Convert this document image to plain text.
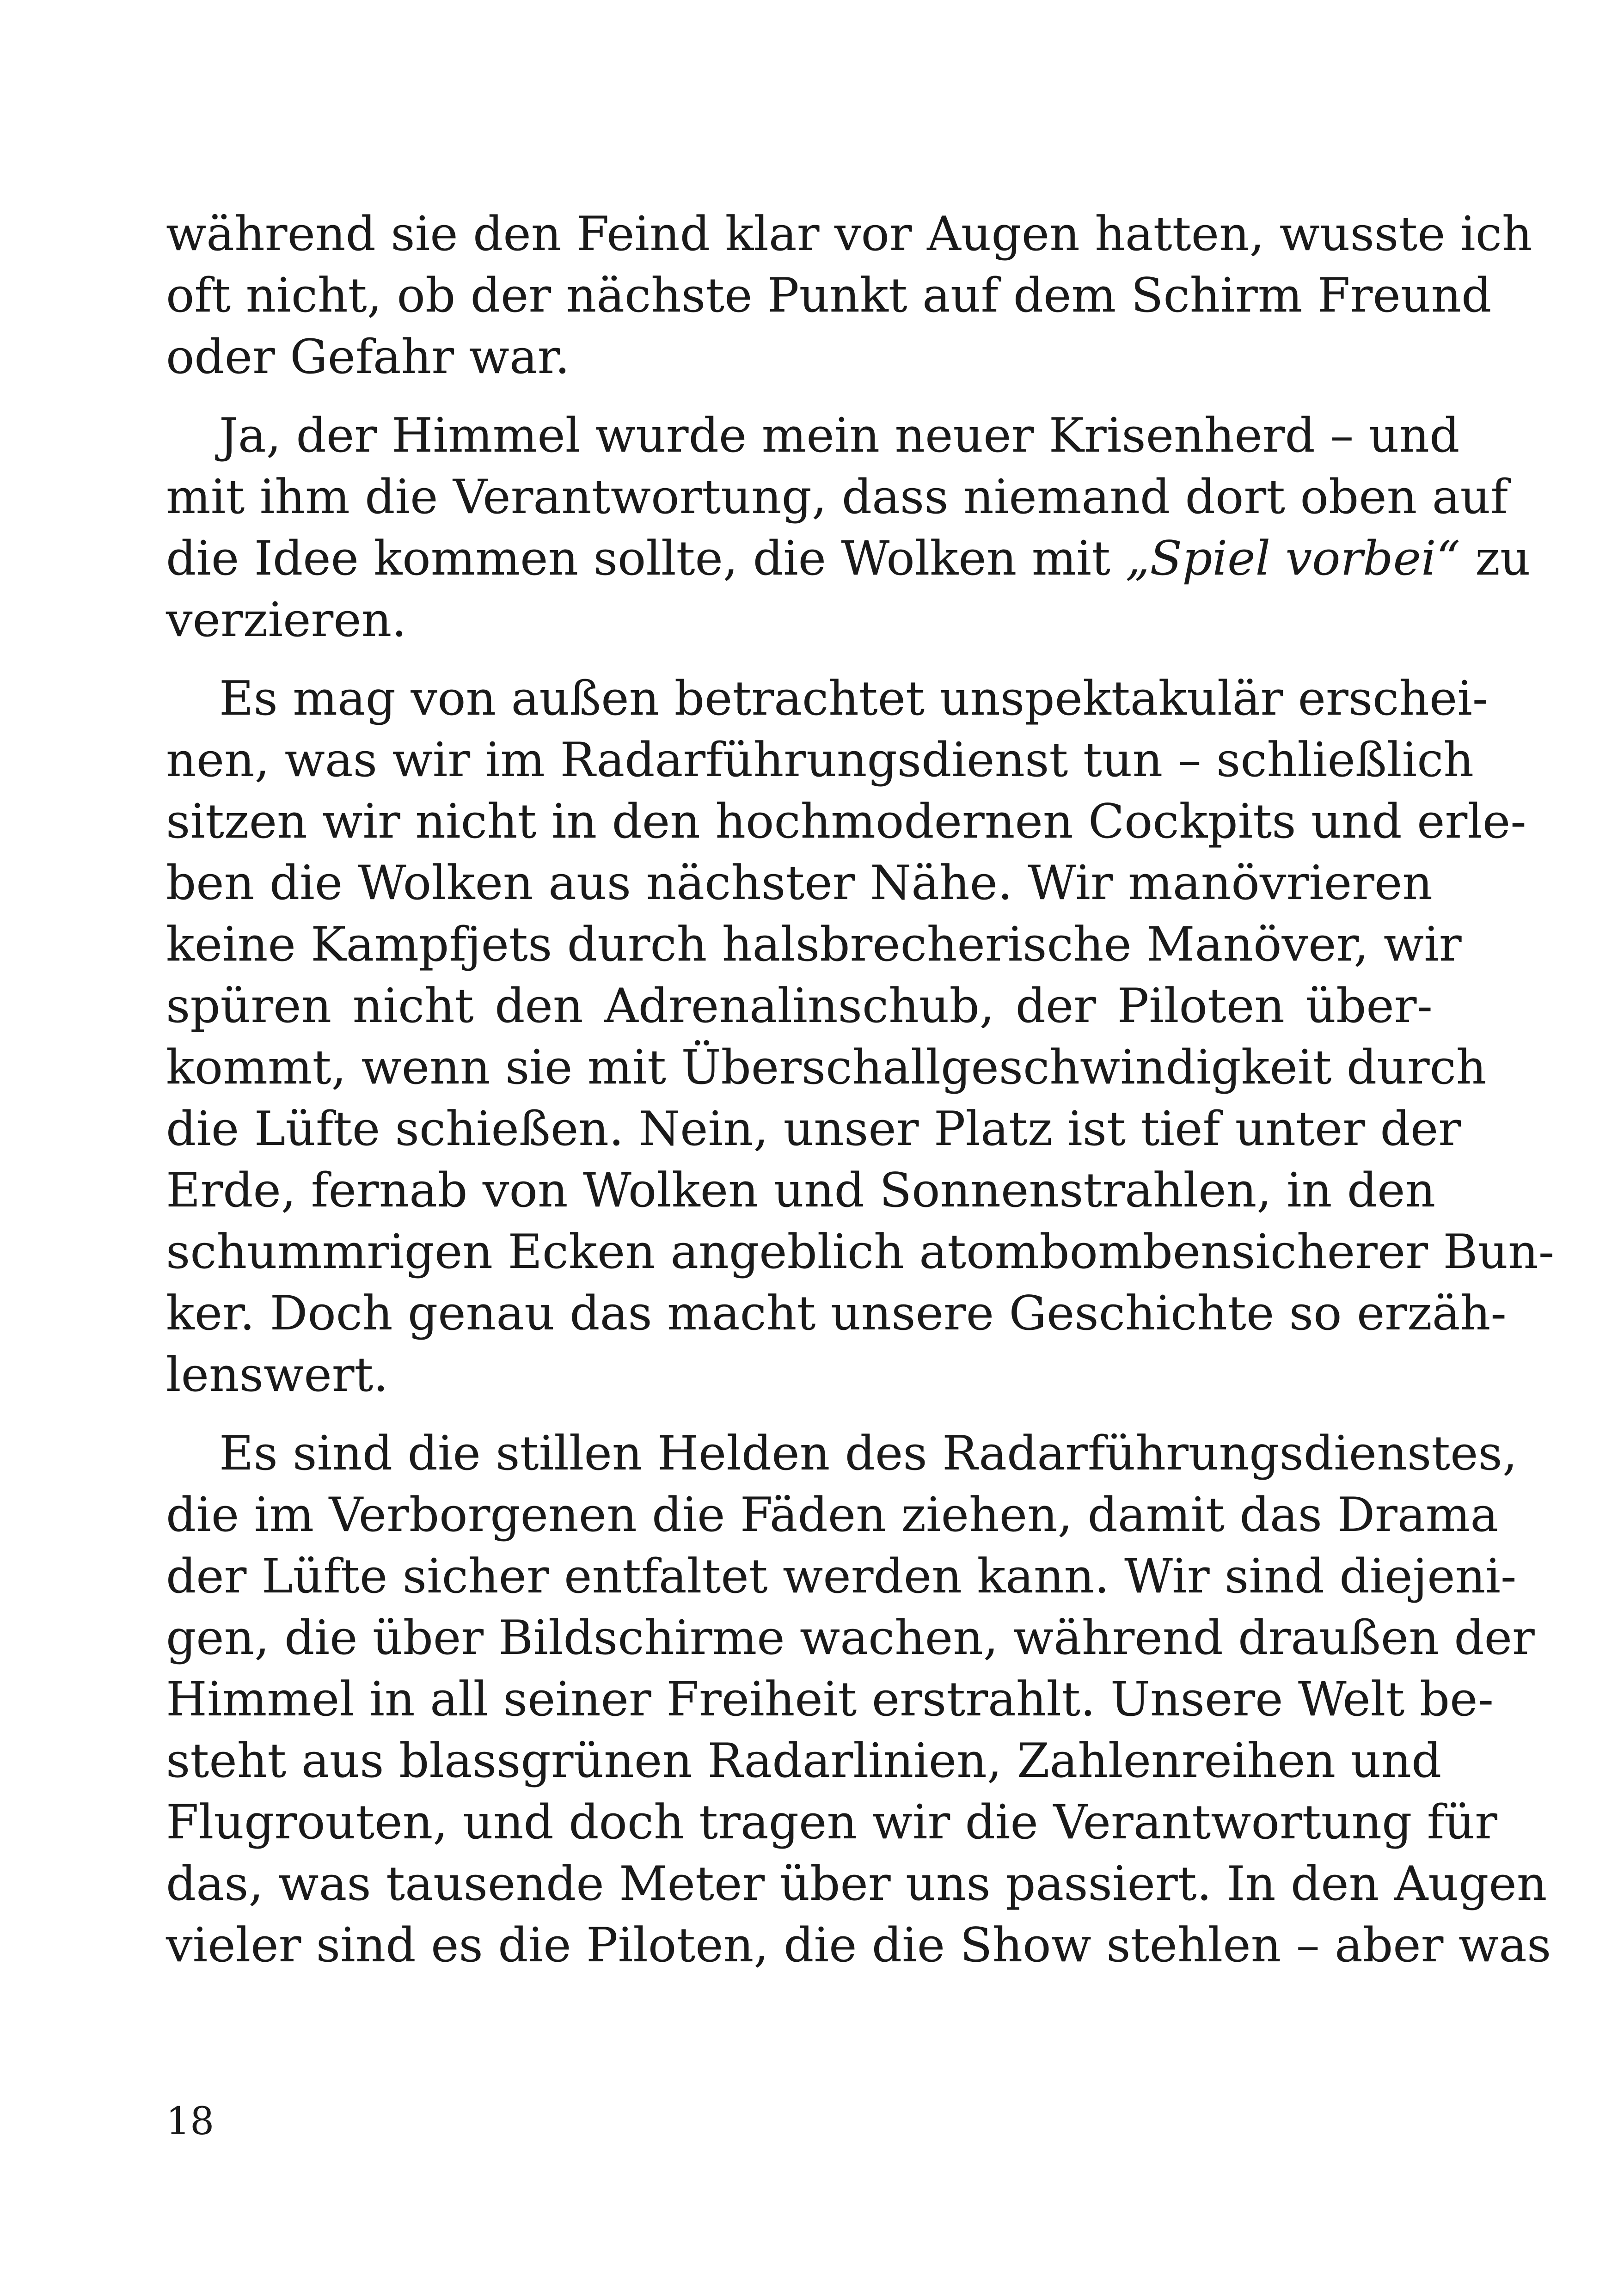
während sie den Feind klar vor Augen hatten, wusste ich
oft nicht, ob der nächste Punkt auf dem Schirm Freund
oder Gefahr war.

Ja, der Himmel wurde mein neuer Krisenherd – und
mit ihm die Verantwortung, dass niemand dort oben auf
die Idee kommen sollte, die Wolken mit „Spiel vorbei“ zu
verzieren.

Es mag von außen betrachtet unspektakulär erschei-
nen, was wir im Radarführungsdienst tun – schließlich
sitzen wir nicht in den hochmodernen Cockpits und erle-
ben die Wolken aus nächster Nähe. Wir manövrieren
keine Kampfjets durch halsbrecherische Manöver, wir
spüren nicht den Adrenalinschub, der Piloten über-
kommt, wenn sie mit Überschallgeschwindigkeit durch
die Lüfte schießen. Nein, unser Platz ist tief unter der
Erde, fernab von Wolken und Sonnenstrahlen, in den
schummrigen Ecken angeblich atombombensicherer Bun-
ker. Doch genau das macht unsere Geschichte so erzäh-
lenswert.

Es sind die stillen Helden des Radarführungsdienstes,
die im Verborgenen die Fäden ziehen, damit das Drama
der Lüfte sicher entfaltet werden kann. Wir sind diejeni-
gen, die über Bildschirme wachen, während draußen der
Himmel in all seiner Freiheit erstrahlt. Unsere Welt be-
steht aus blassgrünen Radarlinien, Zahlenreihen und
Flugrouten, und doch tragen wir die Verantwortung für
das, was tausende Meter über uns passiert. In den Augen
vieler sind es die Piloten, die die Show stehlen – aber was

18
